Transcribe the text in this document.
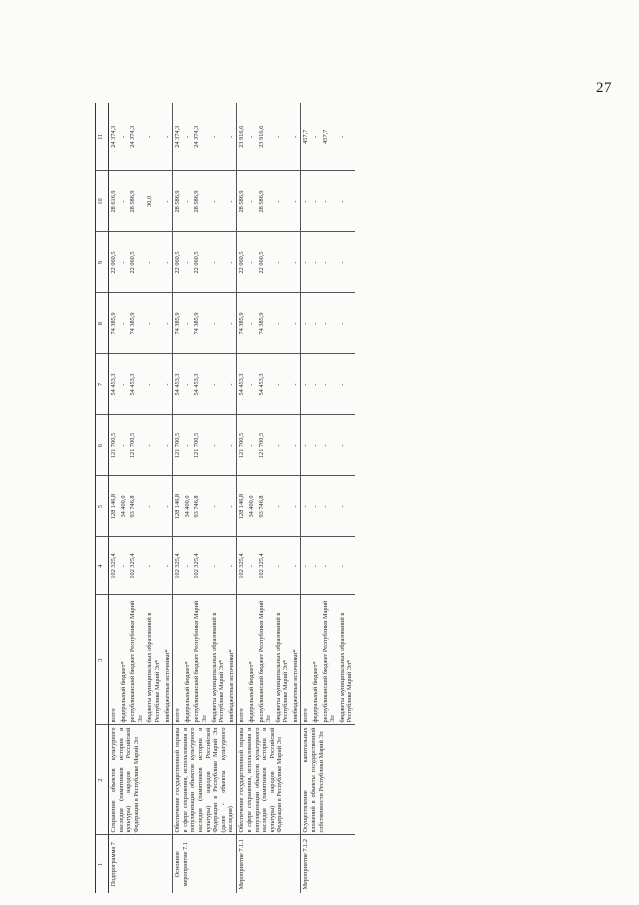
27
1	2	3	4	5	6	7	8	9	10	11
Подпрограмма 7	Сохранение объектов культурного наследия (памятников истории и культуры) народов Российской Федерации в Республике Марий Эл	всего	102 325,4	128 146,8	121 700,5	54 453,3	74 385,9	22 060,5	28 616,9	24 374,3
		федеральный бюджет*	-	34 400,0	-	-	-	-	-	-
		республиканский бюджет Республики Марий Эл	102 325,4	93 746,8	121 700,5	54 453,3	74 385,9	22 060,5	28 586,9	24 374,3
		бюджеты муниципальных образований в Республике Марий Эл*	-	-	-	-	-	-	30,0	-
		внебюджетные источники*	-	-	-	-	-	-	-	-
Основное мероприятие 7.1	Обеспечение государственной охраны в сфере сохранения, использования и популяризации объектов культурного наследия (памятников истории и культуры) народов Российской Федерации в Республике Марий Эл (далее - объекты культурного наследия)	всего	102 325,4	128 146,8	121 700,5	54 453,3	74 385,9	22 060,5	28 586,9	24 374,3
		федеральный бюджет*	-	34 400,0	-	-	-	-	-	-
		республиканский бюджет Республики Марий Эл	102 325,4	93 746,8	121 700,5	54 453,3	74 385,9	22 060,5	28 586,9	24 374,3
		бюджеты муниципальных образований в Республике Марий Эл*	-	-	-	-	-	-	-	-
		внебюджетные источники*	-	-	-	-	-	-	-	-
Мероприятие 7.1.1	Обеспечение государственной охраны в сфере сохранения, использования и популяризации объектов культурного наследия (памятников истории и культуры) народов Российской Федерации в Республике Марий Эл	всего	102 325,4	128 146,8	121 700,5	54 453,3	74 385,9	22 060,5	28 586,9	23 916,6
		федеральный бюджет*	-	34 400,0	-	-	-	-	-	-
		республиканский бюджет Республики Марий Эл	102 325,4	93 746,8	121 700,5	54 453,3	74 385,9	22 060,5	28 586,9	23 916,6
		бюджеты муниципальных образований в Республике Марий Эл*	-	-	-	-	-	-	-	-
		внебюджетные источники*	-	-	-	-	-	-	-	-
Мероприятие 7.1.2	Осуществление капитальных вложений в объекты государственной собственности Республики Марий Эл	всего	-	-	-	-	-	-	-	457,7
		федеральный бюджет*	-	-	-	-	-	-	-	-
		республиканский бюджет Республики Марий Эл	-	-	-	-	-	-	-	457,7
		бюджеты муниципальных образований в Республике Марий Эл*	-	-	-	-	-	-	-	-
